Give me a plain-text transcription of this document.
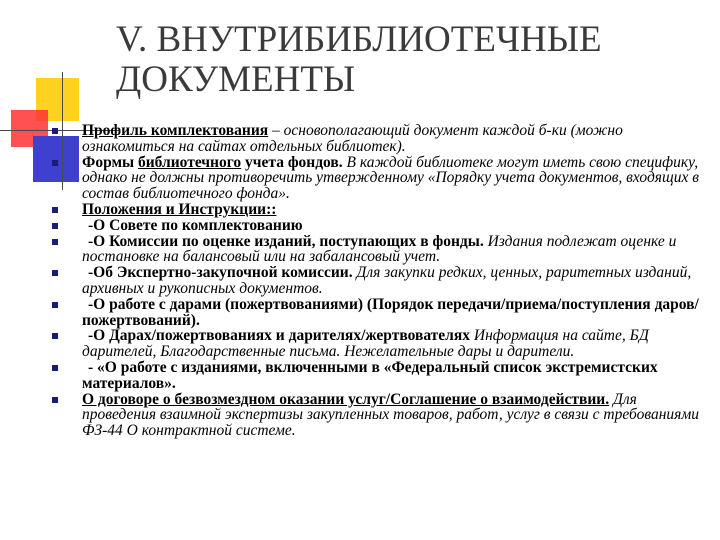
V. ВНУТРИБИБЛИОТЕЧНЫЕ
ДОКУМЕНТЫ
Профиль комплектования – основополагающий документ каждой б-ки (можно ознакомиться на сайтах отдельных библиотек).
Формы библиотечного учета фондов. В каждой библиотеке могут иметь свою специфику, однако не должны противоречить утвержденному «Порядку учета документов, входящих в состав библиотечного фонда».
Положения и Инструкции::
-О Совете по комплектованию
-О Комиссии по оценке изданий, поступающих в фонды. Издания подлежат оценке и постановке на балансовый или на забалансовый учет.
-Об Экспертно-закупочной комиссии. Для закупки редких, ценных, раритетных изданий, архивных и рукописных документов.
-О работе с дарами (пожертвованиями) (Порядок передачи/приема/поступления даров/пожертвований).
-О Дарах/пожертвованиях и дарителях/жертвователях Информация на сайте, БД дарителей, Благодарственные письма. Нежелательные дары и дарители.
- «О работе с изданиями, включенными в «Федеральный список экстремистских материалов».
О договоре о безвозмездном оказании услуг/Соглашение о взаимодействии. Для проведения взаимной экспертизы закупленных товаров, работ, услуг в связи с требованиями ФЗ-44 О контрактной системе.
